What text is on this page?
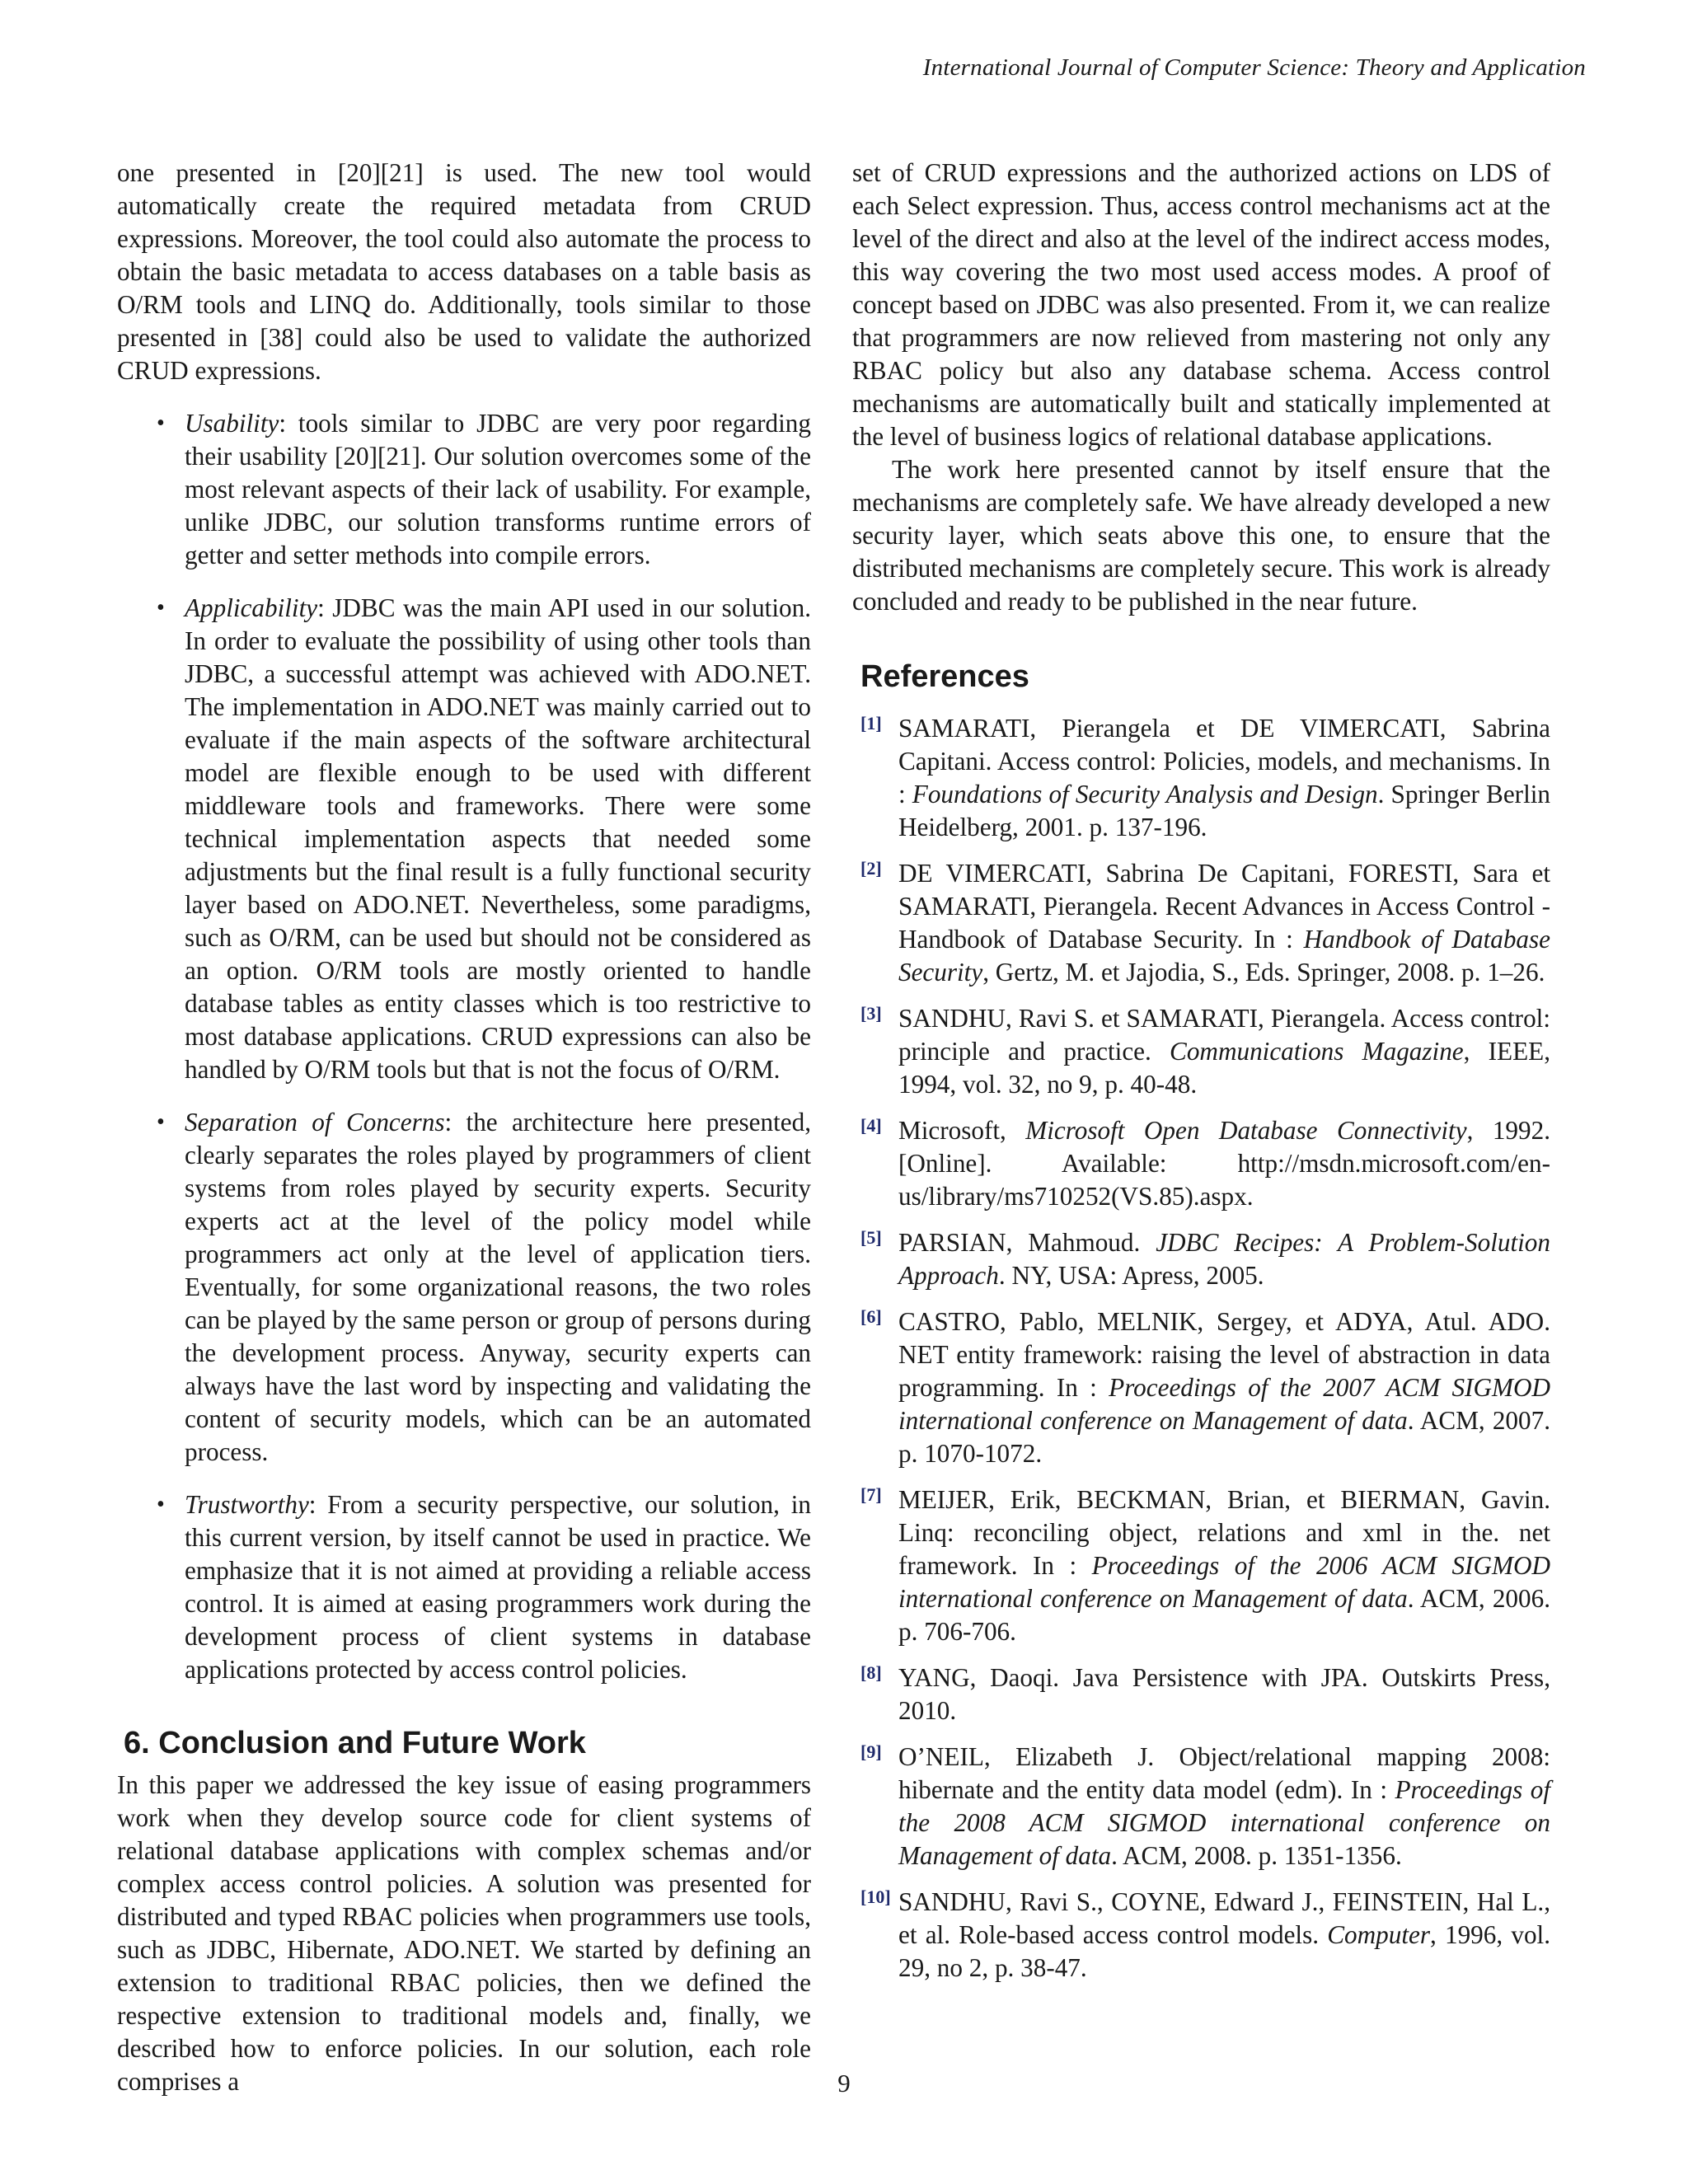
International Journal of Computer Science: Theory and Application

one presented in [20][21] is used. The new tool would automatically create the required metadata from CRUD expressions. Moreover, the tool could also automate the process to obtain the basic metadata to access databases on a table basis as O/RM tools and LINQ do. Additionally, tools similar to those presented in [38] could also be used to validate the authorized CRUD expressions.

• Usability: tools similar to JDBC are very poor regarding their usability [20][21]. Our solution overcomes some of the most relevant aspects of their lack of usability. For example, unlike JDBC, our solution transforms runtime errors of getter and setter methods into compile errors.
• Applicability: JDBC was the main API used in our solution. In order to evaluate the possibility of using other tools than JDBC, a successful attempt was achieved with ADO.NET. The implementation in ADO.NET was mainly carried out to evaluate if the main aspects of the software architectural model are flexible enough to be used with different middleware tools and frameworks. There were some technical implementation aspects that needed some adjustments but the final result is a fully functional security layer based on ADO.NET. Nevertheless, some paradigms, such as O/RM, can be used but should not be considered as an option. O/RM tools are mostly oriented to handle database tables as entity classes which is too restrictive to most database applications. CRUD expressions can also be handled by O/RM tools but that is not the focus of O/RM.
• Separation of Concerns: the architecture here presented, clearly separates the roles played by programmers of client systems from roles played by security experts. Security experts act at the level of the policy model while programmers act only at the level of application tiers. Eventually, for some organizational reasons, the two roles can be played by the same person or group of persons during the development process. Anyway, security experts can always have the last word by inspecting and validating the content of security models, which can be an automated process.
• Trustworthy: From a security perspective, our solution, in this current version, by itself cannot be used in practice. We emphasize that it is not aimed at providing a reliable access control. It is aimed at easing programmers work during the development process of client systems in database applications protected by access control policies.
6. Conclusion and Future Work

In this paper we addressed the key issue of easing programmers work when they develop source code for client systems of relational database applications with complex schemas and/or complex access control policies. A solution was presented for distributed and typed RBAC policies when programmers use tools, such as JDBC, Hibernate, ADO.NET. We started by defining an extension to traditional RBAC policies, then we defined the respective extension to traditional models and, finally, we described how to enforce policies. In our solution, each role comprises a

set of CRUD expressions and the authorized actions on LDS of each Select expression. Thus, access control mechanisms act at the level of the direct and also at the level of the indirect access modes, this way covering the two most used access modes. A proof of concept based on JDBC was also presented. From it, we can realize that programmers are now relieved from mastering not only any RBAC policy but also any database schema. Access control mechanisms are automatically built and statically implemented at the level of business logics of relational database applications.

The work here presented cannot by itself ensure that the mechanisms are completely safe. We have already developed a new security layer, which seats above this one, to ensure that the distributed mechanisms are completely secure. This work is already concluded and ready to be published in the near future.

References
[1] SAMARATI, Pierangela et DE VIMERCATI, Sabrina Capitani. Access control: Policies, models, and mechanisms. In : Foundations of Security Analysis and Design. Springer Berlin Heidelberg, 2001. p. 137-196.
[2] DE VIMERCATI, Sabrina De Capitani, FORESTI, Sara et SAMARATI, Pierangela. Recent Advances in Access Control - Handbook of Database Security. In : Handbook of Database Security, Gertz, M. et Jajodia, S., Eds. Springer, 2008. p. 1–26.
[3] SANDHU, Ravi S. et SAMARATI, Pierangela. Access control: principle and practice. Communications Magazine, IEEE, 1994, vol. 32, no 9, p. 40-48.
[4] Microsoft, Microsoft Open Database Connectivity, 1992. [Online]. Available: http://msdn.microsoft.com/en-us/library/ms710252(VS.85).aspx.
[5] PARSIAN, Mahmoud. JDBC Recipes: A Problem-Solution Approach. NY, USA: Apress, 2005.
[6] CASTRO, Pablo, MELNIK, Sergey, et ADYA, Atul. ADO. NET entity framework: raising the level of abstraction in data programming. In : Proceedings of the 2007 ACM SIGMOD international conference on Management of data. ACM, 2007. p. 1070-1072.
[7] MEIJER, Erik, BECKMAN, Brian, et BIERMAN, Gavin. Linq: reconciling object, relations and xml in the. net framework. In : Proceedings of the 2006 ACM SIGMOD international conference on Management of data. ACM, 2006. p. 706-706.
[8] YANG, Daoqi. Java Persistence with JPA. Outskirts Press, 2010.
[9] O’NEIL, Elizabeth J. Object/relational mapping 2008: hibernate and the entity data model (edm). In : Proceedings of the 2008 ACM SIGMOD international conference on Management of data. ACM, 2008. p. 1351-1356.
[10] SANDHU, Ravi S., COYNE, Edward J., FEINSTEIN, Hal L., et al. Role-based access control models. Computer, 1996, vol. 29, no 2, p. 38-47.
9
